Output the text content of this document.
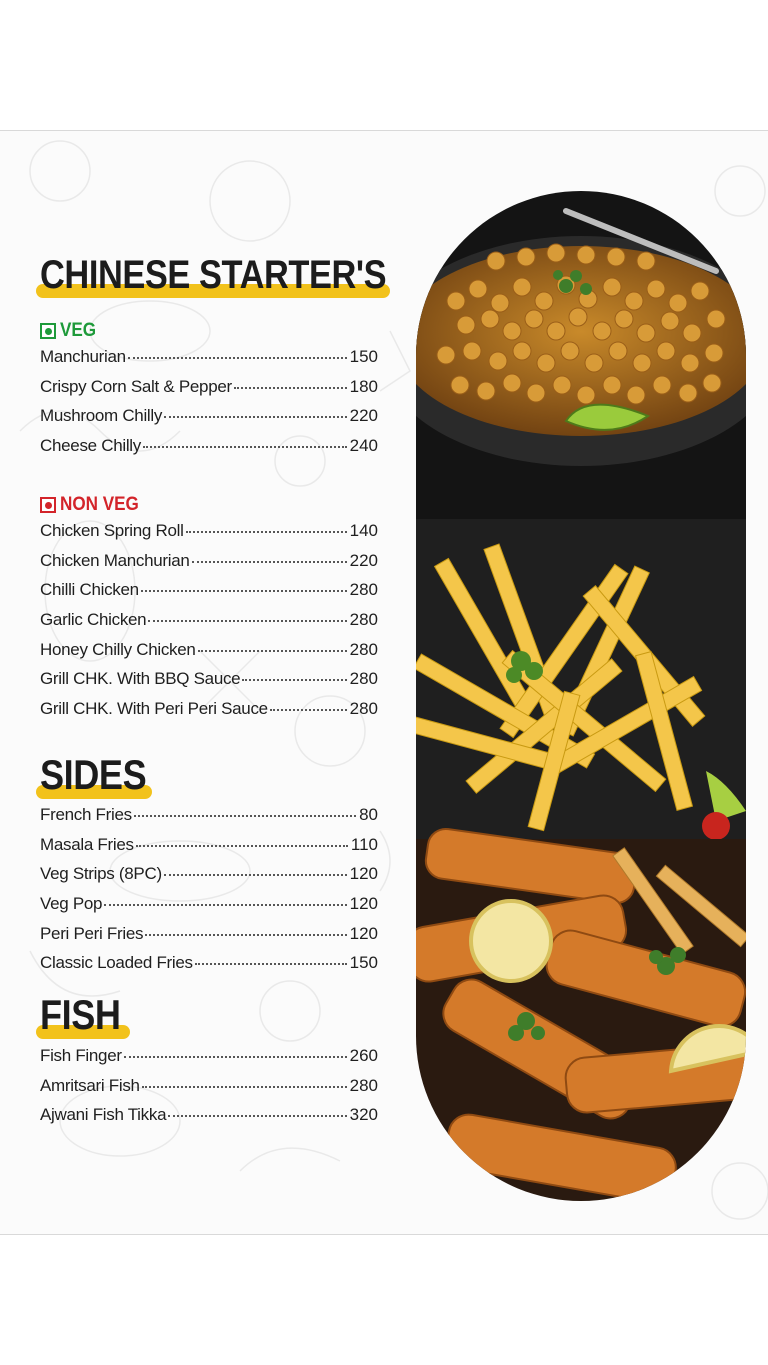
CHINESE STARTER'S
VEG
Manchurian	150
Crispy Corn Salt & Pepper	180
Mushroom Chilly	220
Cheese Chilly	240
NON VEG
Chicken Spring Roll	140
Chicken Manchurian	220
Chilli Chicken	280
Garlic Chicken	280
Honey Chilly Chicken	280
Grill CHK. With BBQ Sauce	280
Grill CHK. With Peri Peri Sauce	280
SIDES
French Fries	80
Masala Fries	110
Veg Strips (8PC)	120
Veg Pop	120
Peri Peri Fries	120
Classic Loaded Fries	150
FISH
Fish Finger	260
Amritsari Fish	280
Ajwani Fish Tikka	320
